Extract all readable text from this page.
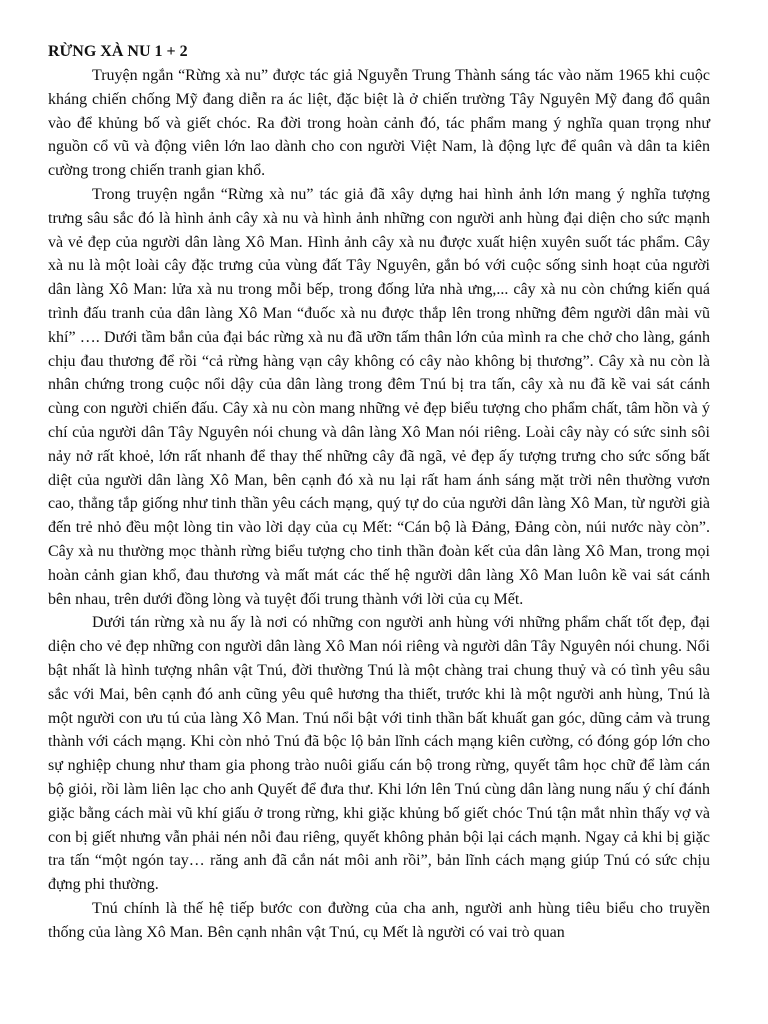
RỪNG XÀ NU 1 + 2

Truyện ngắn “Rừng xà nu” được tác giả Nguyễn Trung Thành sáng tác vào năm 1965 khi cuộc kháng chiến chống Mỹ đang diễn ra ác liệt, đặc biệt là ở chiến trường Tây Nguyên Mỹ đang đổ quân vào để khủng bố và giết chóc. Ra đời trong hoàn cảnh đó, tác phẩm mang ý nghĩa quan trọng như nguồn cổ vũ và động viên lớn lao dành cho con người Việt Nam, là động lực để quân và dân ta kiên cường trong chiến tranh gian khổ.

Trong truyện ngắn “Rừng xà nu” tác giả đã xây dựng hai hình ảnh lớn mang ý nghĩa tượng trưng sâu sắc đó là hình ảnh cây xà nu và hình ảnh những con người anh hùng đại diện cho sức mạnh và vẻ đẹp của người dân làng Xô Man. Hình ảnh cây xà nu được xuất hiện xuyên suốt tác phẩm. Cây xà nu là một loài cây đặc trưng của vùng đất Tây Nguyên, gắn bó với cuộc sống sinh hoạt của người dân làng Xô Man: lửa xà nu trong mỗi bếp, trong đống lửa nhà ưng,... cây xà nu còn chứng kiến quá trình đấu tranh của dân làng Xô Man “đuốc xà nu được thắp lên trong những đêm người dân mài vũ khí” …. Dưới tầm bắn của đại bác rừng xà nu đã ưỡn tấm thân lớn của mình ra che chở cho làng, gánh chịu đau thương để rồi “cả rừng hàng vạn cây không có cây nào không bị thương”. Cây xà nu còn là nhân chứng trong cuộc nổi dậy của dân làng trong đêm Tnú bị tra tấn, cây xà nu đã kề vai sát cánh cùng con người chiến đấu. Cây xà nu còn mang những vẻ đẹp biểu tượng cho phẩm chất, tâm hồn và ý chí của người dân Tây Nguyên nói chung và dân làng Xô Man nói riêng. Loài cây này có sức sinh sôi nảy nở rất khoẻ, lớn rất nhanh để thay thế những cây đã ngã, vẻ đẹp ấy tượng trưng cho sức sống bất diệt của người dân làng Xô Man, bên cạnh đó xà nu lại rất ham ánh sáng mặt trời nên thường vươn cao, thẳng tắp giống như tinh thần yêu cách mạng, quý tự do của người dân làng Xô Man, từ người già đến trẻ nhỏ đều một lòng tin vào lời dạy của cụ Mết: “Cán bộ là Đảng, Đảng còn, núi nước này còn”. Cây xà nu thường mọc thành rừng biểu tượng cho tinh thần đoàn kết của dân làng Xô Man, trong mọi hoàn cảnh gian khổ, đau thương và mất mát các thế hệ người dân làng Xô Man luôn kề vai sát cánh bên nhau, trên dưới đồng lòng và tuyệt đối trung thành với lời của cụ Mết.

Dưới tán rừng xà nu ấy là nơi có những con người anh hùng với những phẩm chất tốt đẹp, đại diện cho vẻ đẹp những con người dân làng Xô Man nói riêng và người dân Tây Nguyên nói chung. Nổi bật nhất là hình tượng nhân vật Tnú, đời thường Tnú là một chàng trai chung thuỷ và có tình yêu sâu sắc với Mai, bên cạnh đó anh cũng yêu quê hương tha thiết, trước khi là một người anh hùng, Tnú là một người con ưu tú của làng Xô Man. Tnú nổi bật với tinh thần bất khuất gan góc, dũng cảm và trung thành với cách mạng. Khi còn nhỏ Tnú đã bộc lộ bản lĩnh cách mạng kiên cường, có đóng góp lớn cho sự nghiệp chung như tham gia phong trào nuôi giấu cán bộ trong rừng, quyết tâm học chữ để làm cán bộ giỏi, rồi làm liên lạc cho anh Quyết để đưa thư. Khi lớn lên Tnú cùng dân làng nung nấu ý chí đánh giặc bằng cách mài vũ khí giấu ở trong rừng, khi giặc khủng bố giết chóc Tnú tận mắt nhìn thấy vợ và con bị giết nhưng vẫn phải nén nỗi đau riêng, quyết không phản bội lại cách mạnh. Ngay cả khi bị giặc tra tấn “một ngón tay… răng anh đã cắn nát môi anh rồi”, bản lĩnh cách mạng giúp Tnú có sức chịu đựng phi thường.

Tnú chính là thế hệ tiếp bước con đường của cha anh, người anh hùng tiêu biểu cho truyền thống của làng Xô Man. Bên cạnh nhân vật Tnú, cụ Mết là người có vai trò quan
